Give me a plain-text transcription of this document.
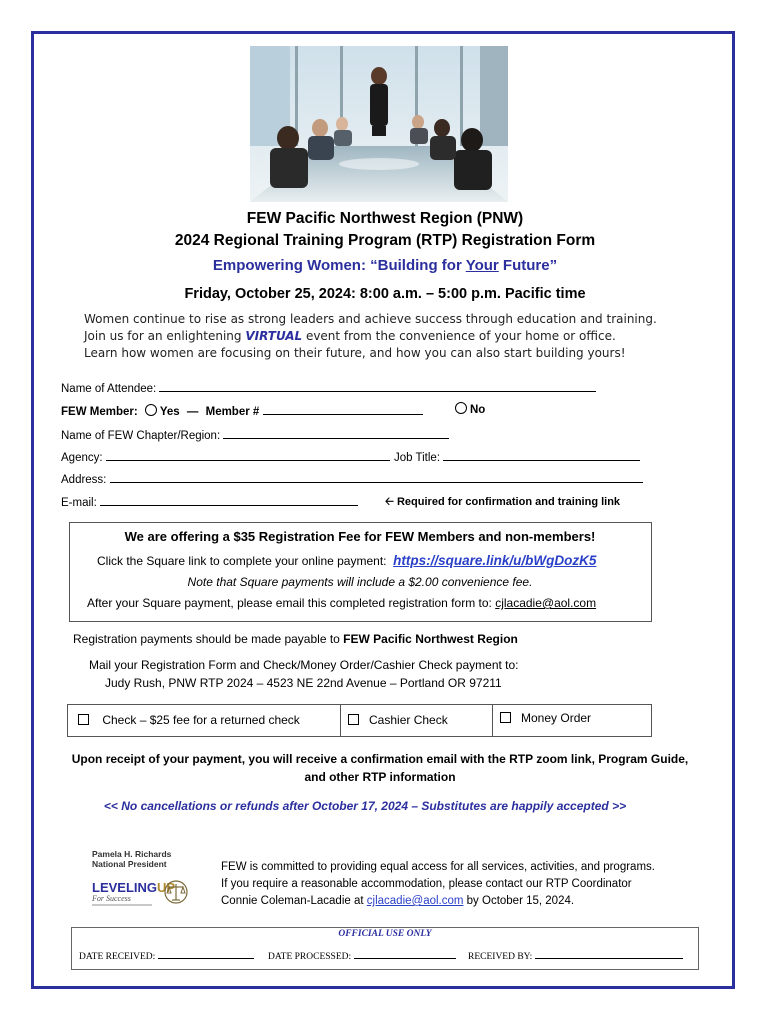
FEW Pacific Northwest Region (PNW)
2024 Regional Training Program (RTP) Registration Form
Empowering Women: “Building for Your Future”
Friday, October 25, 2024: 8:00 a.m. – 5:00 p.m. Pacific time
Women continue to rise as strong leaders and achieve success through education and training.
Join us for an enlightening VIRTUAL event from the convenience of your home or office.
Learn how women are focusing on their future, and how you can also start building yours!
Name of Attendee:
FEW Member: Yes — Member #	No
Name of FEW Chapter/Region:
Agency:	Job Title:
Address:
E-mail:	🡠 Required for confirmation and training link
We are offering a $35 Registration Fee for FEW Members and non-members!
Click the Square link to complete your online payment: https://square.link/u/bWgDozK5
Note that Square payments will include a $2.00 convenience fee.
After your Square payment, please email this completed registration form to: cjlacadie@aol.com
Registration payments should be made payable to FEW Pacific Northwest Region
Mail your Registration Form and Check/Money Order/Cashier Check payment to:
Judy Rush, PNW RTP 2024 – 4523 NE 22nd Avenue – Portland OR 97211
Check – $25 fee for a returned check	Cashier Check	Money Order
Upon receipt of your payment, you will receive a confirmation email with the RTP zoom link, Program Guide,
and other RTP information
<< No cancellations or refunds after October 17, 2024 – Substitutes are happily accepted >>
Pamela H. Richards
National President
LEVELINGUP
For Success
FEW is committed to providing equal access for all services, activities, and programs.
If you require a reasonable accommodation, please contact our RTP Coordinator
Connie Coleman-Lacadie at cjlacadie@aol.com by October 15, 2024.
OFFICIAL USE ONLY
DATE RECEIVED:	DATE PROCESSED:	RECEIVED BY:
